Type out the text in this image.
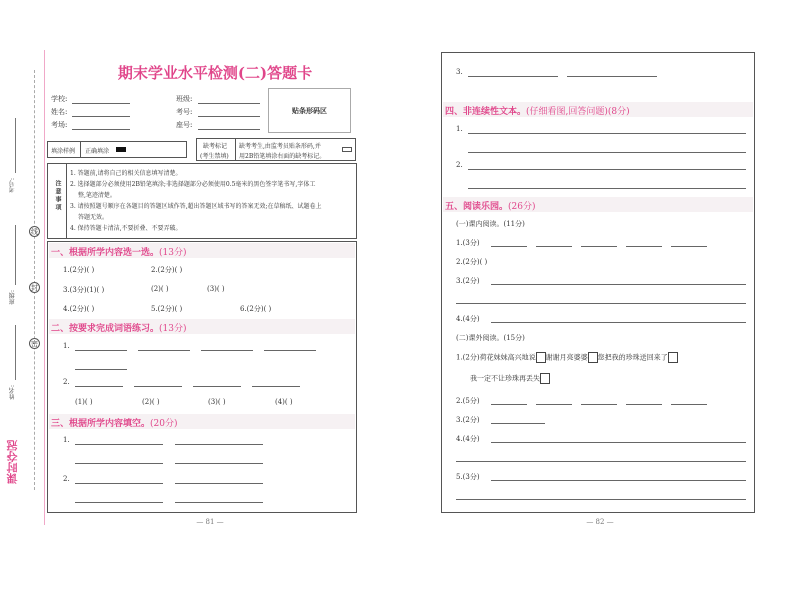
考号:
班级:
姓名:
线
封
密
课时夺冠
期末学业水平检测(二)答题卡
学校:	班级:
姓名:	考号:
考场:	座号:
贴条形码区
填涂样例 正确填涂
缺考标记
(考生禁填)
缺考考生,由监考员贴条形码,并
用2B铅笔填涂右面的缺考标记。
注意事项
1. 答题前,请将自己的相关信息填写清楚。
2. 选择题部分必须使用2B铅笔填涂;非选择题部分必须使用0.5毫米的黑色签字笔书写,字体工
整,笔迹清楚。
3. 请按照题号顺序在各题目的答题区域作答,超出答题区域书写的答案无效;在草稿纸、试题卷上
答题无效。
4. 保持答题卡清洁,不要折叠、不要弄破。
一、根据所学内容选一选。(13分)
1.(2分)( )	2.(2分)( )
3.(3分)(1)( )	(2)( )	(3)( )
4.(2分)( )	5.(2分)( )	6.(2分)( )
二、按要求完成词语练习。(13分)
1.
2.
(1)( )	(2)( )	(3)( )	(4)( )
三、根据所学内容填空。(20分)
1.
2.
— 81 —
3.
四、非连续性文本。(仔细看图,回答问题)(8分)
1.
2.
五、阅读乐园。(26分)
(一)课内阅读。(11分)
1.(3分)
2.(2分)( )
3.(2分)
4.(4分)
(二)课外阅读。(15分)
1.(2分)荷花妹妹高兴地说 谢谢月亮婆婆 您把我的珍珠送回来了
我一定不让珍珠再丢失
2.(5分)
3.(2分)
4.(4分)
5.(3分)
— 82 —
